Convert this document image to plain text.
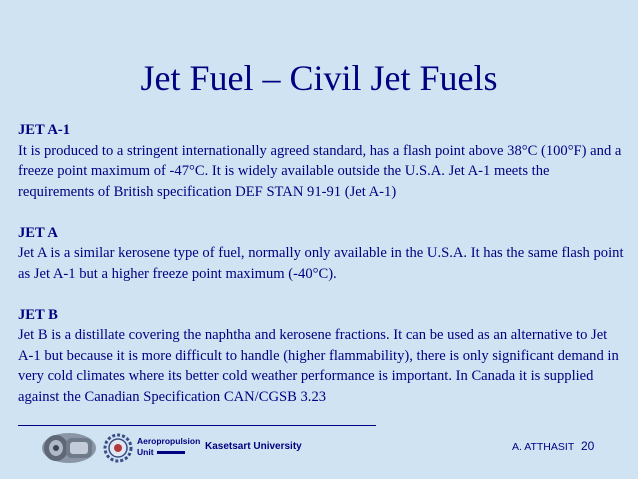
Jet Fuel – Civil Jet Fuels
JET A-1
It is produced to a stringent internationally agreed standard, has a flash point above 38°C (100°F) and a freeze point maximum of -47°C. It is widely available outside the U.S.A. Jet A-1 meets the requirements of British specification DEF STAN 91-91 (Jet A-1)
JET A
Jet A is a similar kerosene type of fuel, normally only available in the U.S.A. It has the same flash point as Jet A-1 but a higher freeze point maximum (-40°C).
JET B
Jet B is a distillate covering the naphtha and kerosene fractions. It can be used as an alternative to Jet A-1 but because it is more difficult to handle (higher flammability), there is only significant demand in very cold climates where its better cold weather performance is important. In Canada it is supplied against the Canadian Specification CAN/CGSB 3.23
Aeropropulsion
Unit	Kasetsart University	A. ATTHASIT 20
